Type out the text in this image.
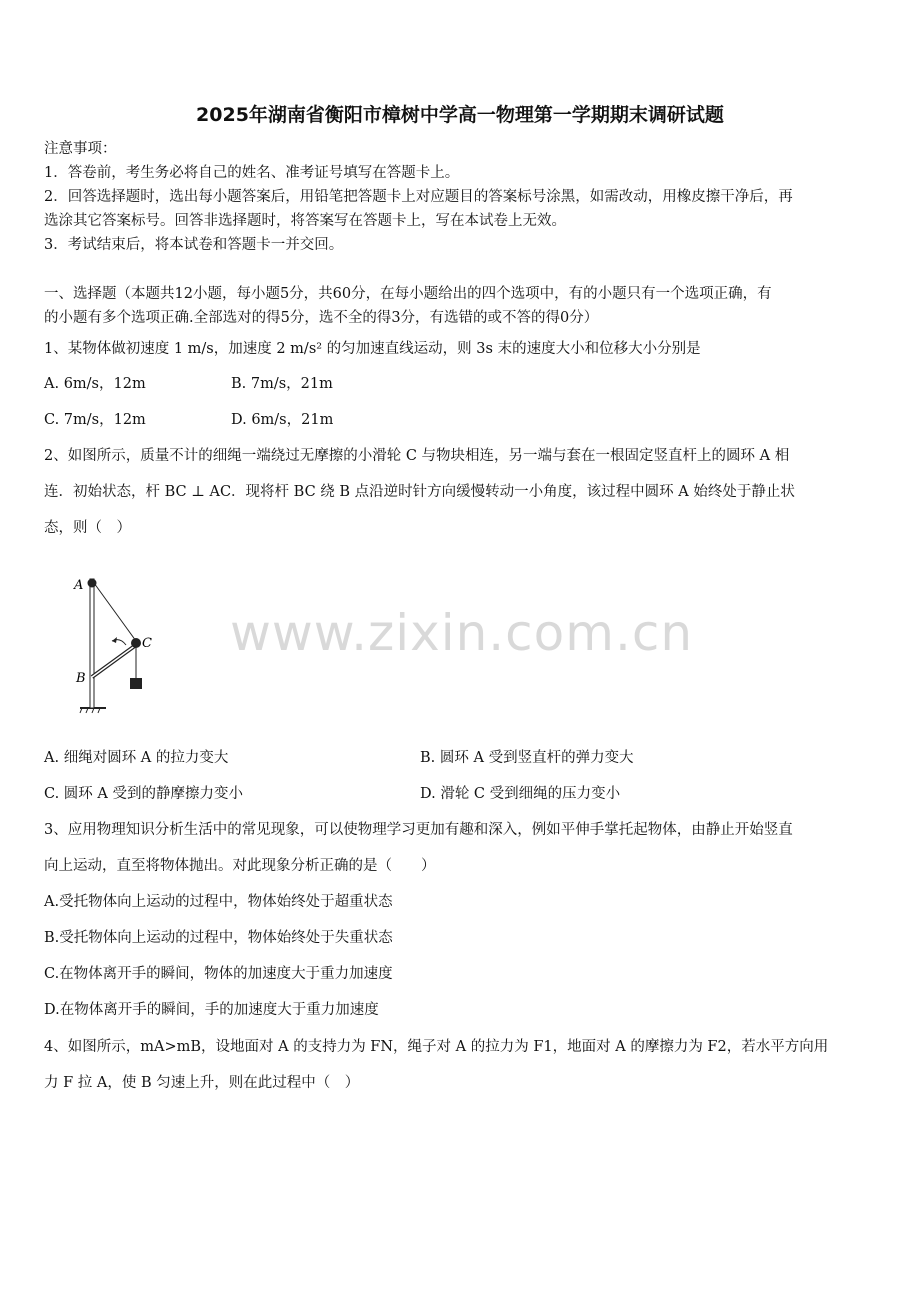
2025年湖南省衡阳市樟树中学高一物理第一学期期末调研试题
注意事项：
1．答卷前，考生务必将自己的姓名、准考证号填写在答题卡上。
2．回答选择题时，选出每小题答案后，用铅笔把答题卡上对应题目的答案标号涂黑，如需改动，用橡皮擦干净后，再
选涂其它答案标号。回答非选择题时，将答案写在答题卡上，写在本试卷上无效。
3．考试结束后，将本试卷和答题卡一并交回。
一、选择题（本题共12小题，每小题5分，共60分，在每小题给出的四个选项中，有的小题只有一个选项正确，有
的小题有多个选项正确.全部选对的得5分，选不全的得3分，有选错的或不答的得0分）
1、某物体做初速度 1 m/s，加速度 2 m/s² 的匀加速直线运动，则 3s 末的速度大小和位移大小分别是
A. 6m/s，12m	B. 7m/s，21m
C. 7m/s，12m	D. 6m/s，21m
2、如图所示，质量不计的细绳一端绕过无摩擦的小滑轮 C 与物块相连，另一端与套在一根固定竖直杆上的圆环 A 相
连．初始状态，杆 BC ⊥ AC．现将杆 BC 绕 B 点沿逆时针方向缓慢转动一小角度，该过程中圆环 A 始终处于静止状
态，则（　）
A
B
C www.zixin.com.cn
A. 细绳对圆环 A 的拉力变大	B. 圆环 A 受到竖直杆的弹力变大
C. 圆环 A 受到的静摩擦力变小	D. 滑轮 C 受到细绳的压力变小
3、应用物理知识分析生活中的常见现象，可以使物理学习更加有趣和深入，例如平伸手掌托起物体，由静止开始竖直
向上运动，直至将物体抛出。对此现象分析正确的是（　　）
A.受托物体向上运动的过程中，物体始终处于超重状态
B.受托物体向上运动的过程中，物体始终处于失重状态
C.在物体离开手的瞬间，物体的加速度大于重力加速度
D.在物体离开手的瞬间，手的加速度大于重力加速度
4、如图所示，mA>mB，设地面对 A 的支持力为 FN，绳子对 A 的拉力为 F1，地面对 A 的摩擦力为 F2，若水平方向用
力 F 拉 A，使 B 匀速上升，则在此过程中（　）
